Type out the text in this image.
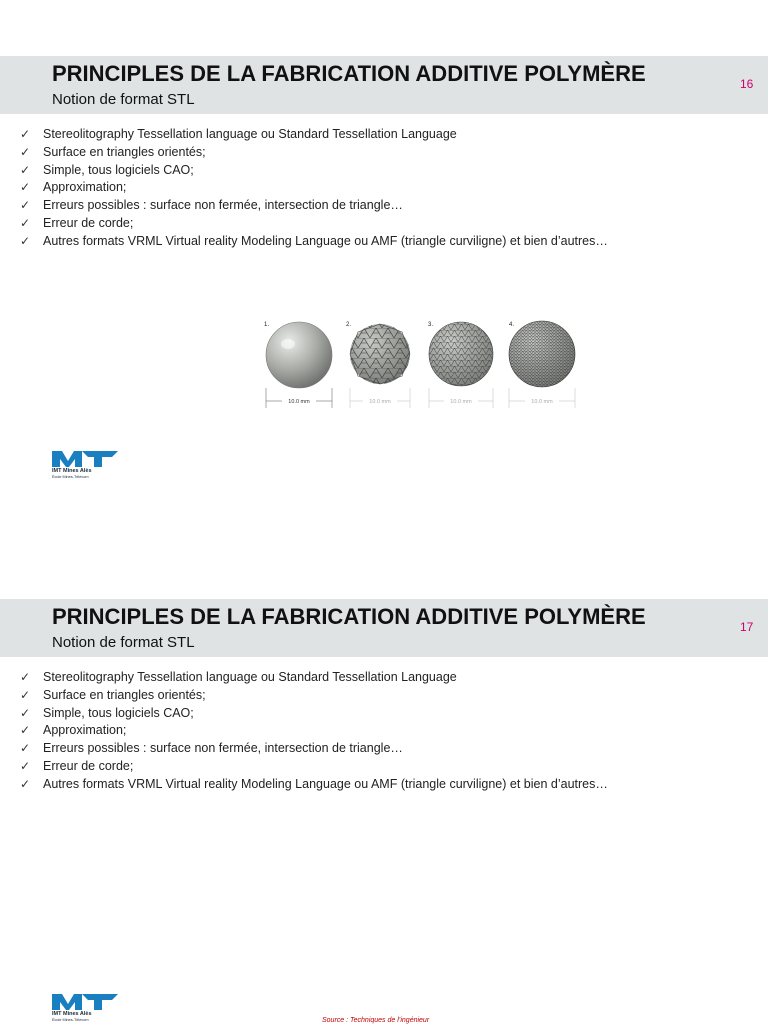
PRINCIPLES DE LA FABRICATION ADDITIVE POLYMÈRE
Notion de format STL
16
✓ Stereolitography Tessellation language ou Standard Tessellation Language
✓ Surface en triangles orientés;
✓ Simple, tous logiciels CAO;
✓ Approximation;
✓ Erreurs possibles : surface non fermée, intersection de triangle…
✓ Erreur de corde;
✓ Autres formats VRML Virtual reality Modeling Language ou AMF (triangle curviligne) et bien d’autres…
1.	2.	3.	4.
10.0 mm	10.0 mm	10.0 mm	10.0 mm
IMT Mines Alès
École Mines-Télécom
PRINCIPLES DE LA FABRICATION ADDITIVE POLYMÈRE
Notion de format STL
17
✓ Stereolitography Tessellation language ou Standard Tessellation Language
✓ Surface en triangles orientés;
✓ Simple, tous logiciels CAO;
✓ Approximation;
✓ Erreurs possibles : surface non fermée, intersection de triangle…
✓ Erreur de corde;
✓ Autres formats VRML Virtual reality Modeling Language ou AMF (triangle curviligne) et bien d’autres…
IMT Mines Alès
École Mines-Télécom	Source : Techniques de l’ingénieur
